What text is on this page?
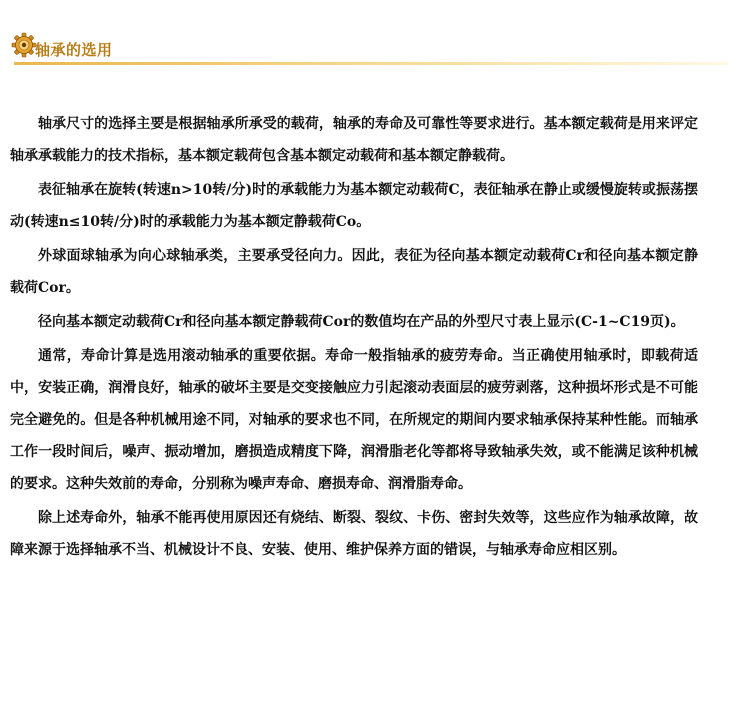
轴承的选用

轴承尺寸的选择主要是根据轴承所承受的载荷，轴承的寿命及可靠性等要求进行。基本额定载荷是用来评定轴承承载能力的技术指标，基本额定载荷包含基本额定动载荷和基本额定静载荷。

表征轴承在旋转(转速n>10转/分)时的承载能力为基本额定动载荷C，表征轴承在静止或缓慢旋转或振荡摆动(转速n≤10转/分)时的承载能力为基本额定静载荷Co。

外球面球轴承为向心球轴承类，主要承受径向力。因此，表征为径向基本额定动载荷Cr和径向基本额定静载荷Cor。

径向基本额定动载荷Cr和径向基本额定静载荷Cor的数值均在产品的外型尺寸表上显示(C-1~C19页)。

通常，寿命计算是选用滚动轴承的重要依据。寿命一般指轴承的疲劳寿命。当正确使用轴承时，即载荷适中，安装正确，润滑良好，轴承的破坏主要是交变接触应力引起滚动表面层的疲劳剥落，这种损坏形式是不可能完全避免的。但是各种机械用途不同，对轴承的要求也不同，在所规定的期间内要求轴承保持某种性能。而轴承工作一段时间后，噪声、振动增加，磨损造成精度下降，润滑脂老化等都将导致轴承失效，或不能满足该种机械的要求。这种失效前的寿命，分别称为噪声寿命、磨损寿命、润滑脂寿命。

除上述寿命外，轴承不能再使用原因还有烧结、断裂、裂纹、卡伤、密封失效等，这些应作为轴承故障，故障来源于选择轴承不当、机械设计不良、安装、使用、维护保养方面的错误，与轴承寿命应相区别。
